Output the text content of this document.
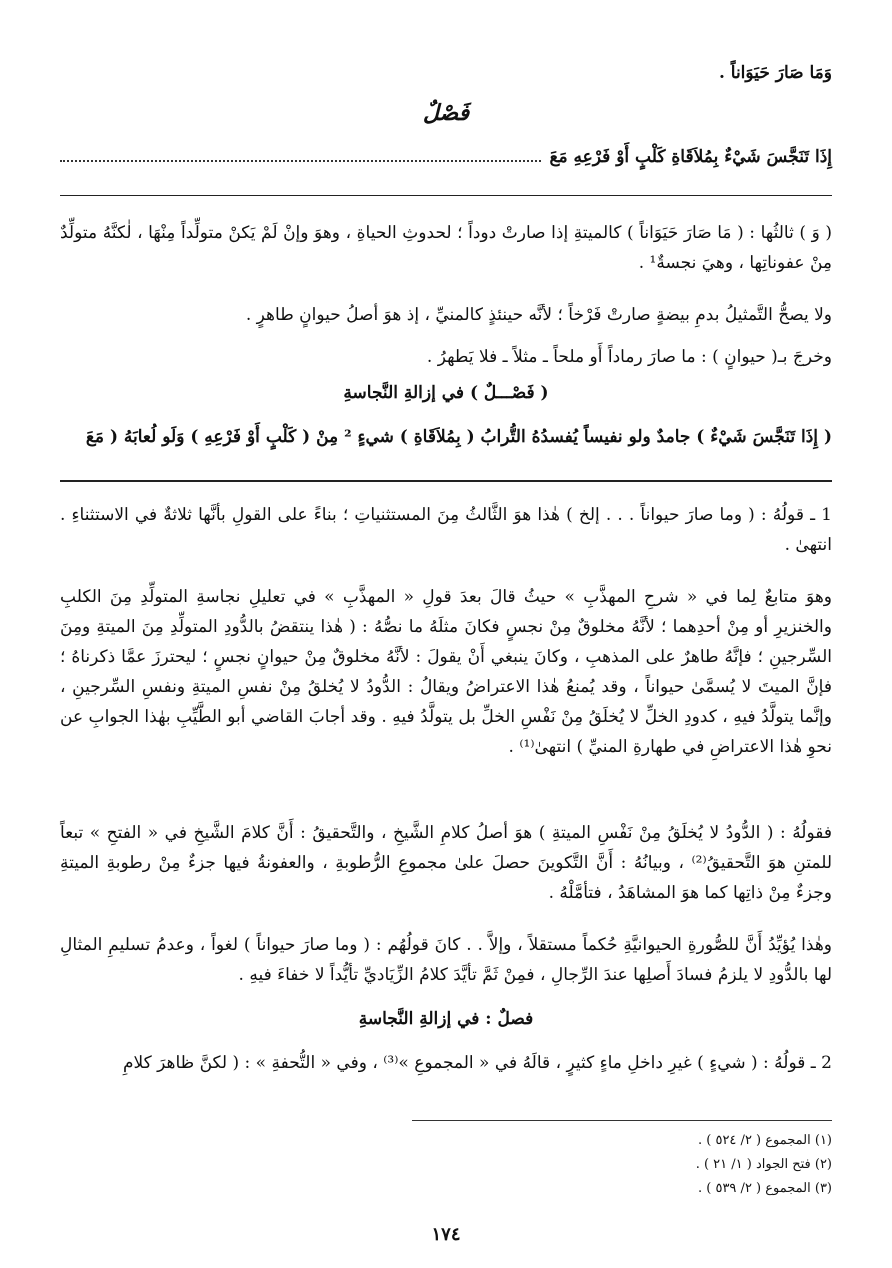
وَمَا صَارَ حَيَوَاناً .

فَصْلٌ
إِذَا تَنَجَّسَ شَيْءٌ بِمُلاَقَاةِ كَلْبٍ أَوْ فَرْعِهِ مَعَ

( وَ ) ثالثُها : ( مَا صَارَ حَيَوَاناً ) كالميتةِ إذا صارتْ دوداً ؛ لحدوثِ الحياةِ ، وهوَ وإنْ لَمْ يَكنْ متولِّداً مِنْهَا ، لٰكنَّهُ متولِّدٌ مِنْ عفوناتِها ، وهيَ نجسةٌ¹ .

ولا يصحُّ التَّمثيلُ بدمِ بيضةٍ صارتْ فَرْخاً ؛ لأنَّه حينئذٍ كالمنيِّ ، إذ هوَ أصلُ حيوانٍ طاهرٍ .

وخرجَ بـ( حيوانٍ ) : ما صارَ رماداً أَو ملحاً ـ مثلاً ـ فلا يَطهرُ .

( فَصْـــلٌ ) في إزالةِ النَّجاسةِ

( إِذَا تَنَجَّسَ شَيْءٌ ) جامدٌ ولو نفيساً يُفسدُهُ التُّرابُ ( بِمُلاَقَاةِ ) شيءٍ ² مِنْ ( كَلْبٍ أَوْ فَرْعِهِ ) وَلَو لُعابَهُ ( مَعَ

1 ـ قولُهُ : ( وما صارَ حيواناً . . . إلخ ) هٰذا هوَ الثَّالثُ مِنَ المستثنياتِ ؛ بناءً على القولِ بأنَّها ثلاثةٌ في الاستثناءِ . انتهىٰ .

وهوَ متابعٌ لِما في « شرحِ المهذَّبِ » حيثُ قالَ بعدَ قولِ « المهذَّبِ » في تعليلِ نجاسةِ المتولِّدِ مِنَ الكلبِ والخنزيرِ أو مِنْ أحدِهما ؛ لأنَّهُ مخلوقٌ مِنْ نجسٍ فكانَ مثلَهُ ما نصُّهُ : ( هٰذا ينتقضُ بالدُّودِ المتولِّدِ مِنَ الميتةِ ومِنَ السِّرجينِ ؛ فإنَّهُ طاهرٌ على المذهبِ ، وكانَ ينبغي أَنْ يقولَ : لأنَّهُ مخلوقٌ مِنْ حيوانٍ نجسٍ ؛ ليحترزَ عمَّا ذكرناهُ ؛ فإنَّ الميتَ لا يُسمَّىٰ حيواناً ، وقد يُمنعُ هٰذا الاعتراضُ ويقالُ : الدُّودُ لا يُخلقُ مِنْ نفسِ الميتةِ ونفسِ السِّرجينِ ، وإنَّما يتولَّدُ فيهِ ، كدودِ الخلِّ لا يُخلَقُ مِنْ نَفْسِ الخلِّ بل يتولَّدُ فيهِ . وقد أجابَ القاضي أبو الطَّيِّبِ بهٰذا الجوابِ عن نحوِ هٰذا الاعتراضِ في طهارةِ المنيِّ ) انتهىٰ⁽¹⁾ .

فقولُهُ : ( الدُّودُ لا يُخلَقُ مِنْ نَفْسِ الميتةِ ) هوَ أصلُ كلامِ الشَّيخِ ، والتَّحقيقُ : أَنَّ كلامَ الشَّيخِ في « الفتحِ » تبعاً للمتنِ هوَ التَّحقيقُ⁽²⁾ ، وبيانُهُ : أَنَّ التَّكوينَ حصلَ علىٰ مجموعِ الرُّطوبةِ ، والعفونةُ فيها جزءٌ مِنْ رطوبةِ الميتةِ وجزءٌ مِنْ ذاتِها كما هوَ المشاهَدُ ، فتأمَّلْهُ .

وهٰذا يُؤيِّدُ أَنَّ للصُّورةِ الحيوانيَّةِ حُكماً مستقلاً ، وإلاَّ . . كانَ قولُهُم : ( وما صارَ حيواناً ) لغواً ، وعدمُ تسليمِ المثالِ لها بالدُّودِ لا يلزمُ فسادَ أَصلِها عندَ الرِّجالِ ، فمِنْ ثَمَّ تأيَّدَ كلامُ الزِّيَاديِّ تأيُّداً لا خفاءَ فيهِ .

فصلٌ : في إزالةِ النَّجاسةِ

2 ـ قولُهُ : ( شيءٍ ) غيرِ داخلِ ماءٍ كثيرٍ ، قالَهُ في « المجموعِ »⁽³⁾ ، وفي « التُّحفةِ » : ( لكنَّ ظاهرَ كلامِ

(١) المجموع ( ٢/ ٥٢٤ ) .

(٢) فتح الجواد ( ١/ ٢١ ) .

(٣) المجموع ( ٢/ ٥٣٩ ) .

١٧٤
